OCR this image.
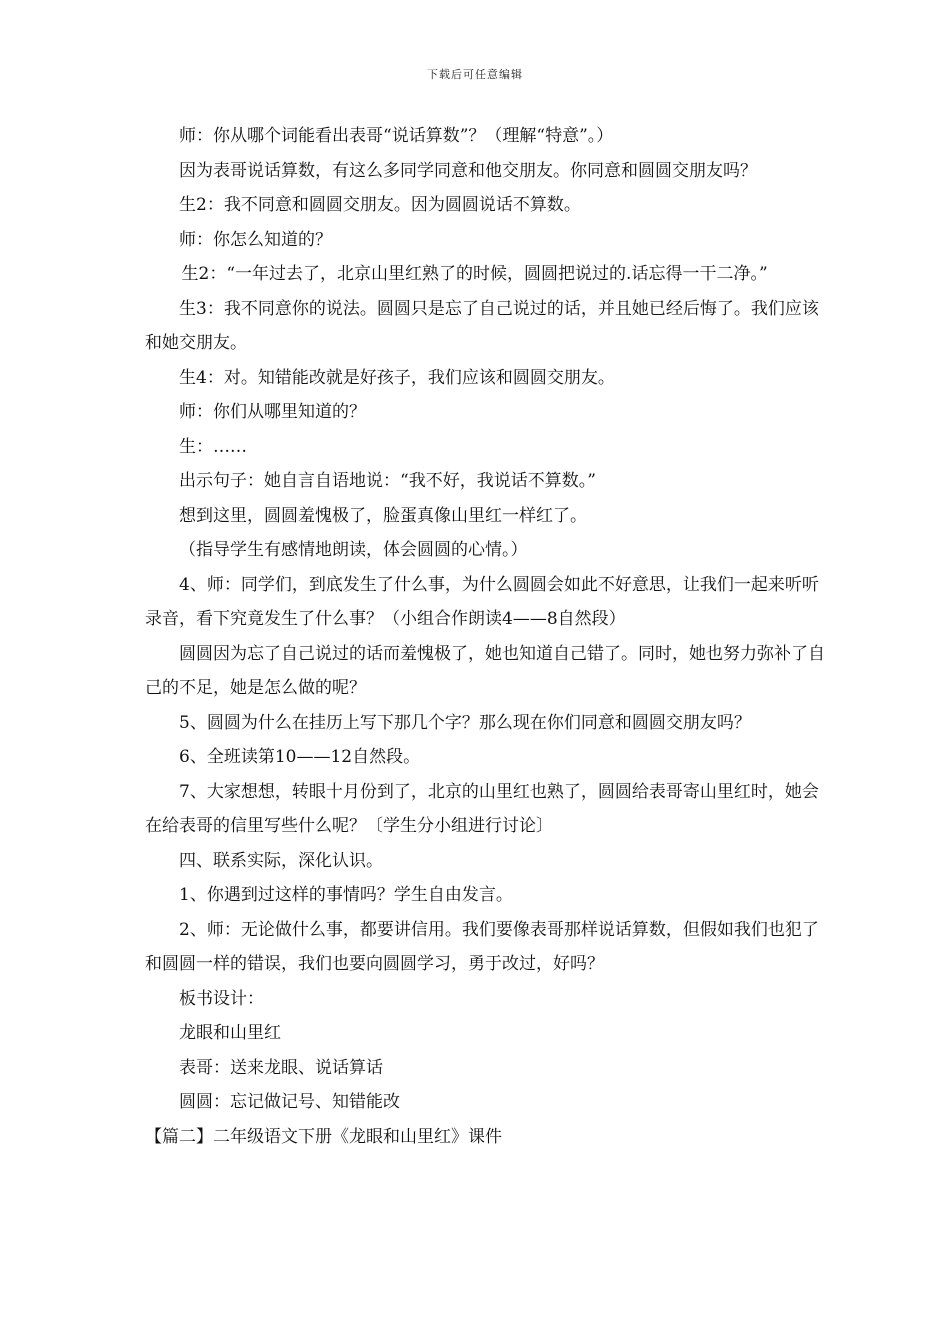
下载后可任意编辑

师：你从哪个词能看出表哥“说话算数”？（理解“特意”。）

因为表哥说话算数，有这么多同学同意和他交朋友。你同意和圆圆交朋友吗？

生2：我不同意和圆圆交朋友。因为圆圆说话不算数。

师：你怎么知道的？

生2：“一年过去了，北京山里红熟了的时候，圆圆把说过的.话忘得一干二净。”

生3：我不同意你的说法。圆圆只是忘了自己说过的话，并且她已经后悔了。我们应该和她交朋友。

生4：对。知错能改就是好孩子，我们应该和圆圆交朋友。

师：你们从哪里知道的？

生：……

出示句子：她自言自语地说：“我不好，我说话不算数。”

想到这里，圆圆羞愧极了，脸蛋真像山里红一样红了。

（指导学生有感情地朗读，体会圆圆的心情。）

4、师：同学们，到底发生了什么事，为什么圆圆会如此不好意思，让我们一起来听听录音，看下究竟发生了什么事？（小组合作朗读4——8自然段）

圆圆因为忘了自己说过的话而羞愧极了，她也知道自己错了。同时，她也努力弥补了自己的不足，她是怎么做的呢？

5、圆圆为什么在挂历上写下那几个字？那么现在你们同意和圆圆交朋友吗？

6、全班读第10——12自然段。

7、大家想想，转眼十月份到了，北京的山里红也熟了，圆圆给表哥寄山里红时，她会在给表哥的信里写些什么呢？〔学生分小组进行讨论〕

四、联系实际，深化认识。

1、你遇到过这样的事情吗？学生自由发言。

2、师：无论做什么事，都要讲信用。我们要像表哥那样说话算数，但假如我们也犯了和圆圆一样的错误，我们也要向圆圆学习，勇于改过，好吗？

板书设计：

龙眼和山里红

表哥：送来龙眼、说话算话

圆圆：忘记做记号、知错能改

【篇二】二年级语文下册《龙眼和山里红》课件
